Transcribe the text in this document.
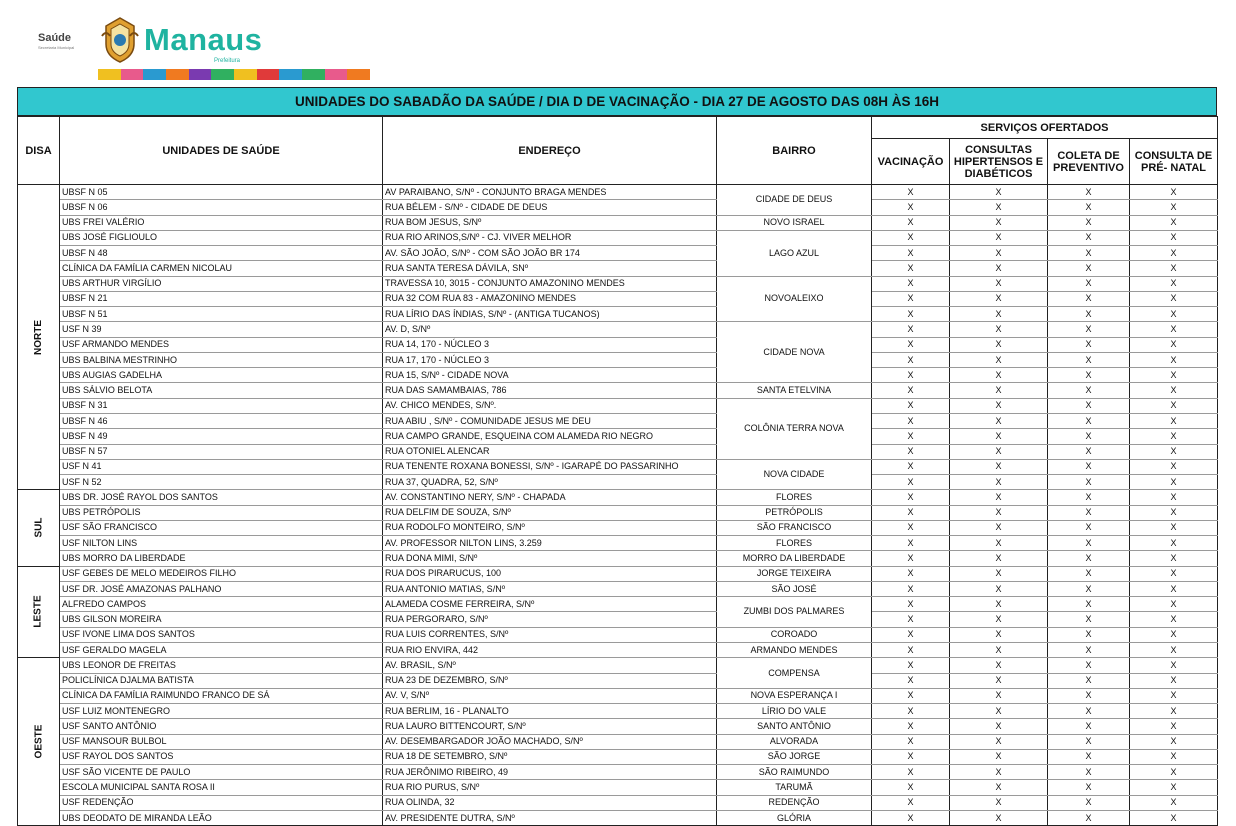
Saúde
Secretaria Municipal Manaus
Prefeitura
UNIDADES DO SABADÃO DA SAÚDE / DIA D DE VACINAÇÃO - DIA 27 DE AGOSTO DAS 08H ÀS 16H
DISA	UNIDADES DE SAÚDE	ENDEREÇO	BAIRRO	SERVIÇOS OFERTADOS			
				VACINAÇÃO	CONSULTAS HIPERTENSOS E DIABÉTICOS	COLETA DE PREVENTIVO	CONSULTA DE PRÉ- NATAL
NORTE	UBSF N 05	AV PARAIBANO, S/Nº - CONJUNTO BRAGA MENDES	CIDADE DE DEUS	X	X	X	X
	UBSF N 06	RUA BÉLEM - S/Nº - CIDADE DE DEUS		X	X	X	X
	UBS FREI VALÉRIO	RUA BOM JESUS, S/Nº	NOVO ISRAEL	X	X	X	X
	UBS JOSÉ FIGLIOULO	RUA RIO ARINOS,S/Nº - CJ. VIVER MELHOR	LAGO AZUL	X	X	X	X
	UBSF N 48	AV. SÃO JOÃO, S/Nº - COM SÃO JOÃO BR 174		X	X	X	X
	CLÍNICA DA FAMÍLIA CARMEN NICOLAU	RUA SANTA TERESA DÁVILA, SNº		X	X	X	X
	UBS ARTHUR VIRGÍLIO	TRAVESSA 10, 3015 - CONJUNTO AMAZONINO MENDES	NOVOALEIXO	X	X	X	X
	UBSF N 21	RUA 32 COM RUA 83 - AMAZONINO MENDES		X	X	X	X
	UBSF N 51	RUA LÍRIO DAS ÍNDIAS, S/Nº - (ANTIGA TUCANOS)		X	X	X	X
	USF N 39	AV. D, S/Nº	CIDADE NOVA	X	X	X	X
	USF ARMANDO MENDES	RUA 14, 170 - NÚCLEO 3		X	X	X	X
	UBS BALBINA MESTRINHO	RUA 17, 170 - NÚCLEO 3		X	X	X	X
	UBS AUGIAS GADELHA	RUA 15, S/Nº - CIDADE NOVA		X	X	X	X
	UBS SÁLVIO BELOTA	RUA DAS SAMAMBAIAS, 786	SANTA ETELVINA	X	X	X	X
	UBSF N 31	AV. CHICO MENDES, S/Nº.	COLÔNIA TERRA NOVA	X	X	X	X
	UBSF N 46	RUA ABIU , S/Nº - COMUNIDADE JESUS ME DEU		X	X	X	X
	UBSF N 49	RUA CAMPO GRANDE, ESQUEINA COM ALAMEDA RIO NEGRO		X	X	X	X
	UBSF N 57	RUA OTONIEL ALENCAR		X	X	X	X
	USF N 41	RUA TENENTE ROXANA BONESSI, S/Nº - IGARAPÉ DO PASSARINHO	NOVA CIDADE	X	X	X	X
	USF N 52	RUA 37, QUADRA, 52, S/Nº		X	X	X	X
SUL	UBS DR. JOSÉ RAYOL DOS SANTOS	AV. CONSTANTINO NERY, S/Nº - CHAPADA	FLORES	X	X	X	X
	UBS PETRÓPOLIS	RUA DELFIM DE SOUZA, S/Nº	PETRÓPOLIS	X	X	X	X
	USF SÃO FRANCISCO	RUA RODOLFO MONTEIRO, S/Nº	SÃO FRANCISCO	X	X	X	X
	USF NILTON LINS	AV. PROFESSOR NILTON LINS, 3.259	FLORES	X	X	X	X
	UBS MORRO DA LIBERDADE	RUA DONA MIMI, S/Nº	MORRO DA LIBERDADE	X	X	X	X
LESTE	USF GEBES DE MELO MEDEIROS FILHO	RUA DOS PIRARUCUS, 100	JORGE TEIXEIRA	X	X	X	X
	USF DR. JOSÉ AMAZONAS PALHANO	RUA ANTONIO MATIAS, S/Nº	SÃO JOSÉ	X	X	X	X
	ALFREDO CAMPOS	ALAMEDA COSME FERREIRA, S/Nº	ZUMBI DOS PALMARES	X	X	X	X
	UBS GILSON MOREIRA	RUA PERGORARO, S/Nº		X	X	X	X
	USF IVONE LIMA DOS SANTOS	RUA LUIS CORRENTES, S/Nº	COROADO	X	X	X	X
	USF GERALDO MAGELA	RUA RIO ENVIRA, 442	ARMANDO MENDES	X	X	X	X
OESTE	UBS LEONOR DE FREITAS	AV. BRASIL, S/Nº	COMPENSA	X	X	X	X
	POLICLÍNICA DJALMA BATISTA	RUA 23 DE DEZEMBRO, S/Nº		X	X	X	X
	CLÍNICA DA FAMÍLIA RAIMUNDO FRANCO DE SÁ	AV. V, S/Nº	NOVA ESPERANÇA I	X	X	X	X
	USF LUIZ MONTENEGRO	RUA BERLIM, 16 - PLANALTO	LÍRIO DO VALE	X	X	X	X
	USF SANTO ANTÔNIO	RUA LAURO BITTENCOURT, S/Nº	SANTO ANTÔNIO	X	X	X	X
	USF MANSOUR BULBOL	AV. DESEMBARGADOR JOÃO MACHADO, S/Nº	ALVORADA	X	X	X	X
	USF RAYOL DOS SANTOS	RUA 18 DE SETEMBRO, S/Nº	SÃO JORGE	X	X	X	X
	USF SÃO VICENTE DE PAULO	RUA JERÔNIMO RIBEIRO, 49	SÃO RAIMUNDO	X	X	X	X
	ESCOLA MUNICIPAL SANTA ROSA II	RUA RIO PURUS, S/Nº	TARUMÃ	X	X	X	X
	USF REDENÇÃO	RUA OLINDA, 32	REDENÇÃO	X	X	X	X
	UBS DEODATO DE MIRANDA LEÃO	AV. PRESIDENTE DUTRA, S/Nº	GLÓRIA	X	X	X	X
